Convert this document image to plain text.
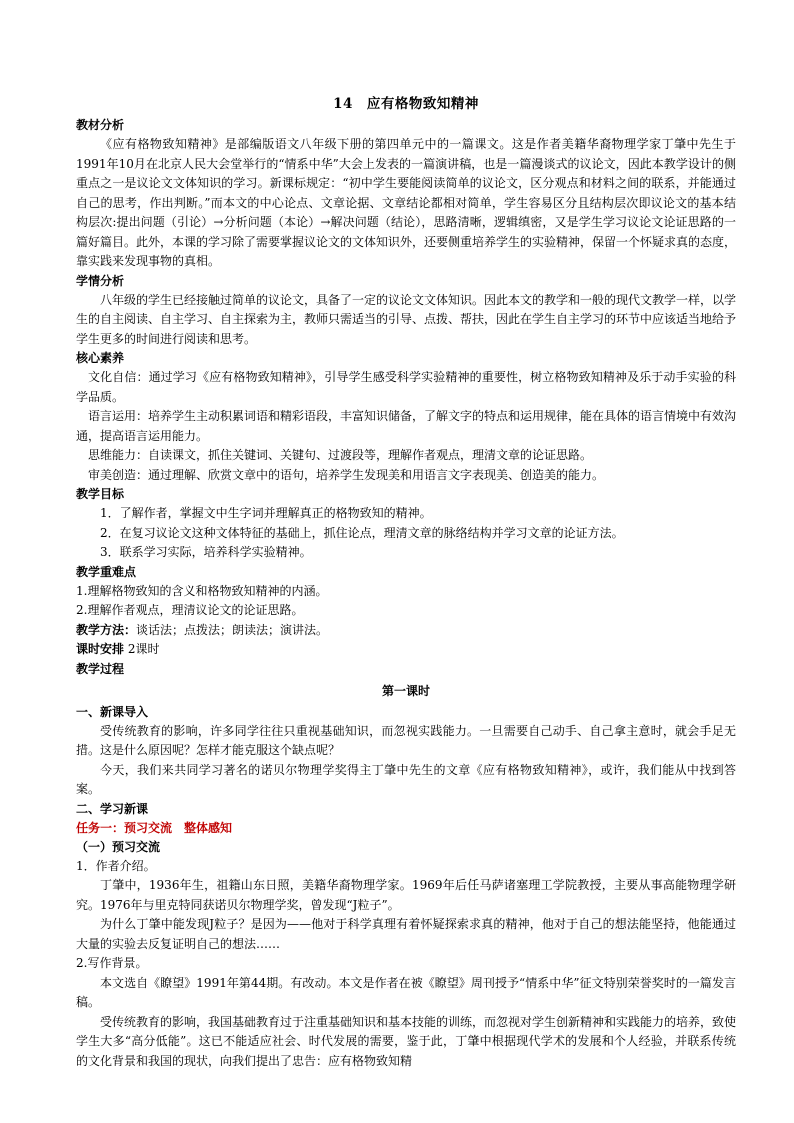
14　应有格物致知精神
教材分析

《应有格物致知精神》是部编版语文八年级下册的第四单元中的一篇课文。这是作者美籍华裔物理学家丁肇中先生于1991年10月在北京人民大会堂举行的“情系中华”大会上发表的一篇演讲稿，也是一篇漫谈式的议论文，因此本教学设计的侧重点之一是议论文文体知识的学习。新课标规定：“初中学生要能阅读简单的议论文，区分观点和材料之间的联系，并能通过自己的思考，作出判断。”而本文的中心论点、文章论据、文章结论都相对简单，学生容易区分且结构层次即议论文的基本结构层次:提出问题（引论）→分析问题（本论）→解决问题（结论），思路清晰，逻辑缜密，又是学生学习议论文论证思路的一篇好篇目。此外，本课的学习除了需要掌握议论文的文体知识外，还要侧重培养学生的实验精神，保留一个怀疑求真的态度，靠实践来发现事物的真相。

学情分析

八年级的学生已经接触过简单的议论文，具备了一定的议论文文体知识。因此本文的教学和一般的现代文教学一样，以学生的自主阅读、自主学习、自主探索为主，教师只需适当的引导、点拨、帮扶，因此在学生自主学习的环节中应该适当地给予学生更多的时间进行阅读和思考。

核心素养

文化自信：通过学习《应有格物致知精神》，引导学生感受科学实验精神的重要性，树立格物致知精神及乐于动手实验的科学品质。

语言运用：培养学生主动积累词语和精彩语段，丰富知识储备，了解文字的特点和运用规律，能在具体的语言情境中有效沟通，提高语言运用能力。

思维能力：自读课文，抓住关键词、关键句、过渡段等，理解作者观点，理清文章的论证思路。

审美创造：通过理解、欣赏文章中的语句，培养学生发现美和用语言文字表现美、创造美的能力。

教学目标

1．了解作者，掌握文中生字词并理解真正的格物致知的精神。

2．在复习议论文这种文体特征的基础上，抓住论点，理清文章的脉络结构并学习文章的论证方法。

3．联系学习实际，培养科学实验精神。

教学重难点

1.理解格物致知的含义和格物致知精神的内涵。

2.理解作者观点，理清议论文的论证思路。

教学方法：谈话法；点拨法；朗读法；演讲法。

课时安排 2课时

教学过程
第一课时
一、新课导入

受传统教育的影响，许多同学往往只重视基础知识，而忽视实践能力。一旦需要自己动手、自己拿主意时，就会手足无措。这是什么原因呢？怎样才能克服这个缺点呢？

今天，我们来共同学习著名的诺贝尔物理学奖得主丁肇中先生的文章《应有格物致知精神》，或许，我们能从中找到答案。

二、学习新课
任务一：预习交流　整体感知
（一）预习交流

1．作者介绍。

丁肇中，1936年生，祖籍山东日照，美籍华裔物理学家。1969年后任马萨诸塞理工学院教授，主要从事高能物理学研究。1976年与里克特同获诺贝尔物理学奖，曾发现“J粒子”。

为什么丁肇中能发现J粒子？是因为——他对于科学真理有着怀疑探索求真的精神，他对于自己的想法能坚持，他能通过大量的实验去反复证明自己的想法……

2.写作背景。

本文选自《瞭望》1991年第44期。有改动。本文是作者在被《瞭望》周刊授予“情系中华”征文特别荣誉奖时的一篇发言稿。

受传统教育的影响，我国基础教育过于注重基础知识和基本技能的训练，而忽视对学生创新精神和实践能力的培养，致使学生大多“高分低能”。这已不能适应社会、时代发展的需要，鉴于此，丁肇中根据现代学术的发展和个人经验，并联系传统的文化背景和我国的现状，向我们提出了忠告：应有格物致知精
